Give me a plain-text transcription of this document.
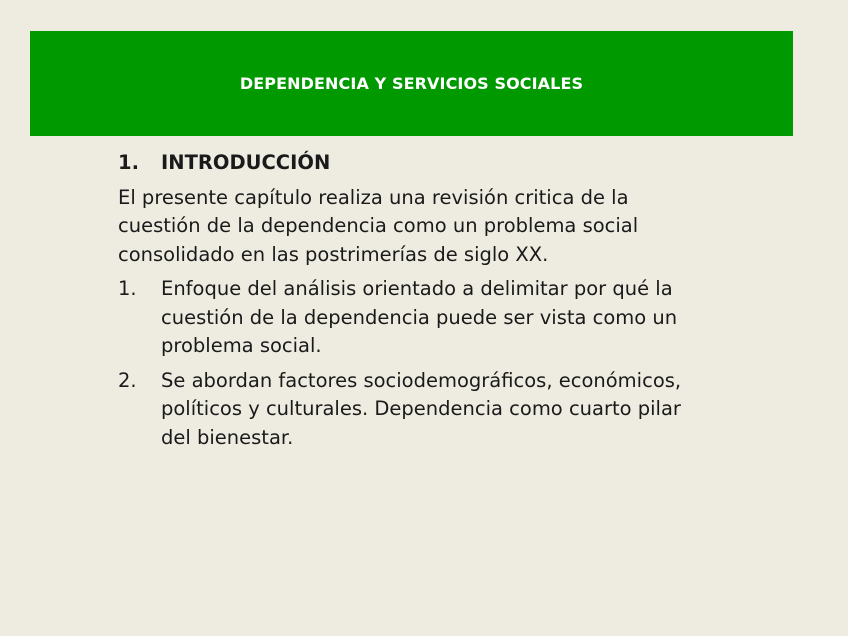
DEPENDENCIA Y SERVICIOS SOCIALES
1.	INTRODUCCIÓN
El presente capítulo realiza una revisión critica de la
cuestión de la dependencia como un problema social
consolidado en las postrimerías de siglo XX.
1.	Enfoque del análisis orientado a delimitar por qué la
cuestión de la dependencia puede ser vista como un
problema social.
2.	Se abordan factores sociodemográficos, económicos,
políticos y culturales. Dependencia como cuarto pilar
del bienestar.
